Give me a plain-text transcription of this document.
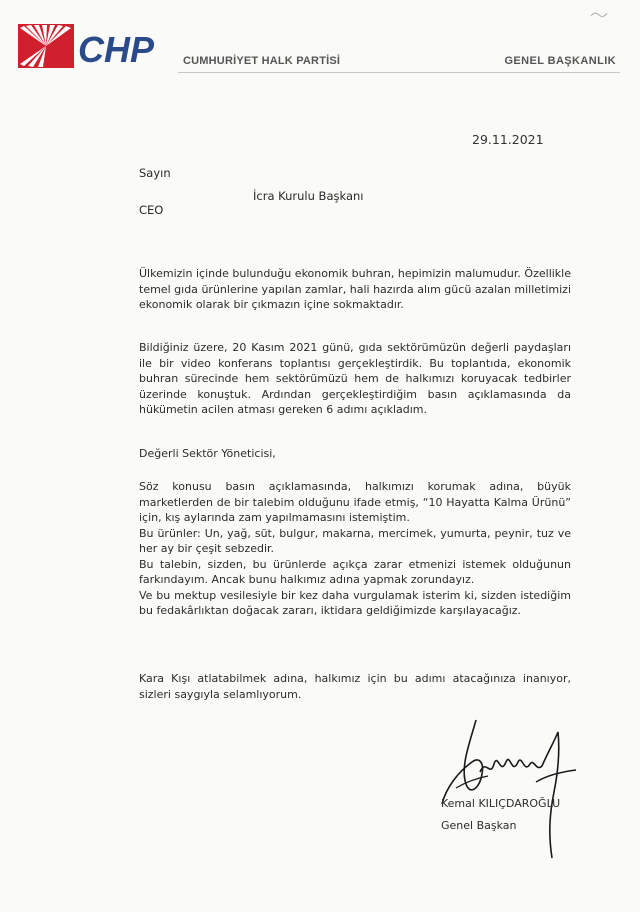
CHP	CUMHURİYET HALK PARTİSİ	GENEL BAŞKANLIK
29.11.2021
Sayın
İcra Kurulu Başkanı
CEO

Ülkemizin içinde bulunduğu ekonomik buhran, hepimizin malumudur. Özellikle temel gıda ürünlerine yapılan zamlar, hali hazırda alım gücü azalan milletimizi ekonomik olarak bir çıkmazın içine sokmaktadır.

Bildiğiniz üzere, 20 Kasım 2021 günü, gıda sektörümüzün değerli paydaşları ile bir video konferans toplantısı gerçekleştirdik. Bu toplantıda, ekonomik buhran sürecinde hem sektörümüzü hem de halkımızı koruyacak tedbirler üzerinde konuştuk. Ardından gerçekleştirdiğim basın açıklamasında da hükümetin acilen atması gereken 6 adımı açıkladım.

Değerli Sektör Yöneticisi,

Söz konusu basın açıklamasında, halkımızı korumak adına, büyük marketlerden de bir talebim olduğunu ifade etmiş, “10 Hayatta Kalma Ürünü” için, kış aylarında zam yapılmamasını istemiştim.

Bu ürünler: Un, yağ, süt, bulgur, makarna, mercimek, yumurta, peynir, tuz ve her ay bir çeşit sebzedir.

Bu talebin, sizden, bu ürünlerde açıkça zarar etmenizi istemek olduğunun farkındayım. Ancak bunu halkımız adına yapmak zorundayız.

Ve bu mektup vesilesiyle bir kez daha vurgulamak isterim ki, sizden istediğim bu fedakârlıktan doğacak zararı, iktidara geldiğimizde karşılayacağız.

Kara Kışı atlatabilmek adına, halkımız için bu adımı atacağınıza inanıyor, sizleri saygıyla selamlıyorum.

Kemal KILIÇDAROĞLU
Genel Başkan
